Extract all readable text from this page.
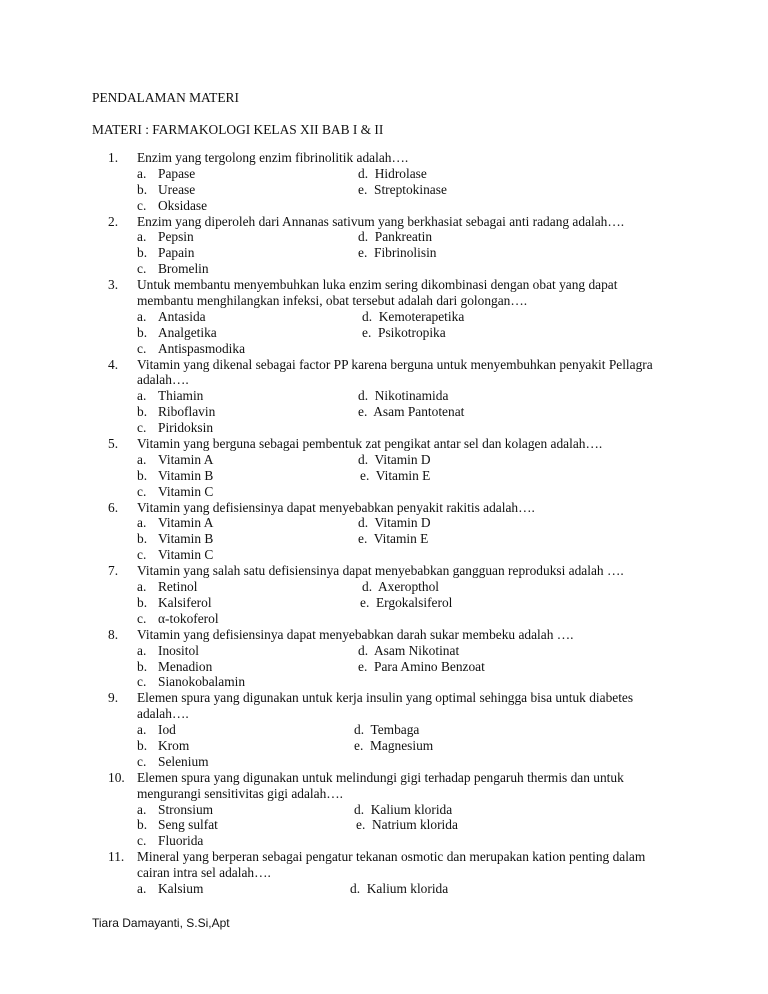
PENDALAMAN MATERI
MATERI : FARMAKOLOGI KELAS XII BAB I & II
1.	Enzim yang tergolong enzim fibrinolitik adalah….
a. Papase	d.  Hidrolase
b. Urease	e.  Streptokinase
c. Oksidase
2.	Enzim yang diperoleh dari Annanas sativum yang berkhasiat sebagai anti radang adalah….
a. Pepsin	d.  Pankreatin
b. Papain	e.  Fibrinolisin
c. Bromelin
3.	Untuk membantu menyembuhkan luka enzim sering dikombinasi dengan obat yang dapat
membantu menghilangkan infeksi, obat tersebut adalah dari golongan….
a. Antasida	d.  Kemoterapetika
b. Analgetika	e.  Psikotropika
c. Antispasmodika
4.	Vitamin yang dikenal sebagai factor PP karena berguna untuk menyembuhkan penyakit Pellagra
adalah….
a. Thiamin	d.  Nikotinamida
b. Riboflavin	e.  Asam Pantotenat
c. Piridoksin
5.	Vitamin yang berguna sebagai pembentuk zat pengikat antar sel dan kolagen adalah….
a. Vitamin A	d.  Vitamin D
b. Vitamin B	e.  Vitamin E
c. Vitamin C
6.	Vitamin yang defisiensinya dapat menyebabkan penyakit rakitis adalah….
a. Vitamin A	d.  Vitamin D
b. Vitamin B	e.  Vitamin E
c. Vitamin C
7.	Vitamin yang salah satu defisiensinya dapat menyebabkan gangguan reproduksi adalah ….
a. Retinol	d.  Axeropthol
b. Kalsiferol	e.  Ergokalsiferol
c. α-tokoferol
8.	Vitamin yang defisiensinya dapat menyebabkan darah sukar membeku adalah ….
a. Inositol	d.  Asam Nikotinat
b. Menadion	e.  Para Amino Benzoat
c. Sianokobalamin
9.	Elemen spura yang digunakan untuk kerja insulin yang optimal sehingga bisa untuk diabetes
adalah….
a. Iod	d.  Tembaga
b. Krom	e.  Magnesium
c. Selenium
10. Elemen spura yang digunakan untuk melindungi gigi terhadap pengaruh thermis dan untuk
mengurangi sensitivitas gigi adalah….
a. Stronsium	d.  Kalium klorida
b. Seng sulfat	e.  Natrium klorida
c. Fluorida
11. Mineral yang berperan sebagai pengatur tekanan osmotic dan merupakan kation penting dalam
cairan intra sel adalah….
a. Kalsium	d.  Kalium klorida
Tiara Damayanti, S.Si,Apt
